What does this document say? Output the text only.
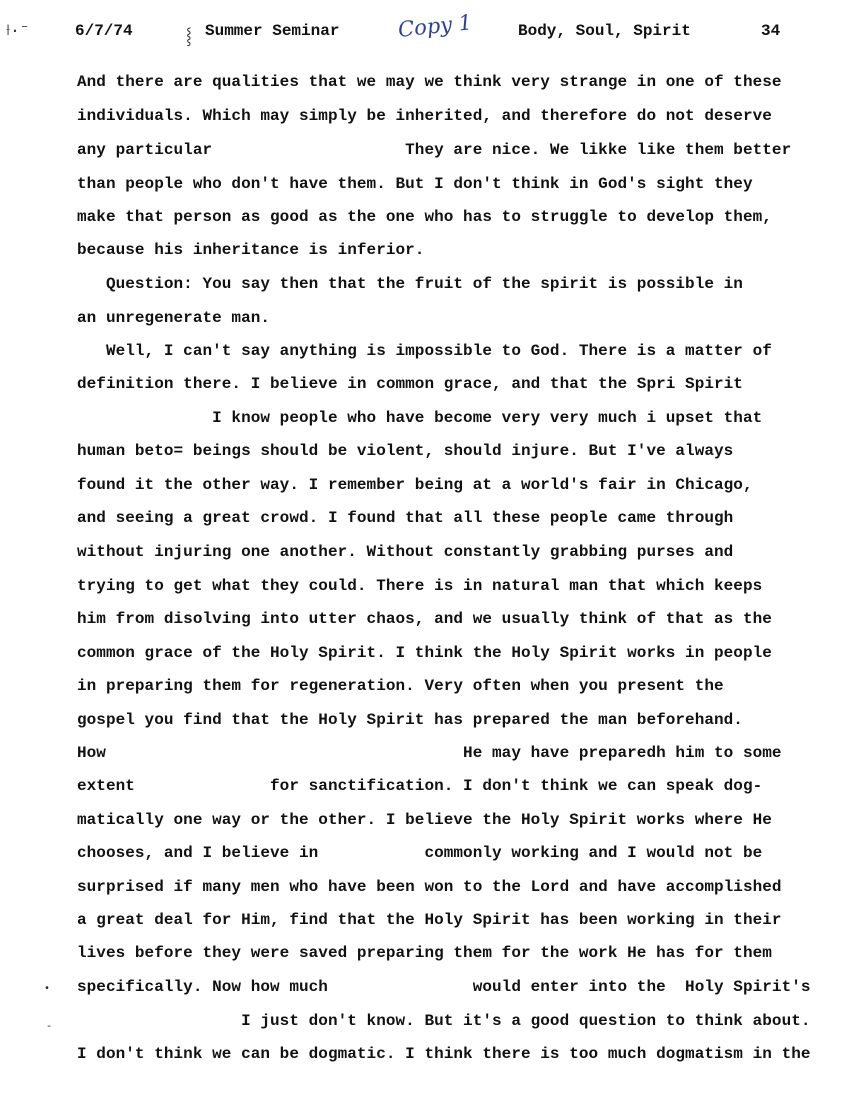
⟊·⁻	6/7/74	⸾ Summer Seminar	Copy 1	Body, Soul, Spirit	34
And there are qualities that we may we think very strange in one of these
individuals. Which may simply be inherited, and therefore do not deserve
any particular                    They are nice. We likke like them better
than people who don't have them. But I don't think in God's sight they
make that person as good as the one who has to struggle to develop them,
because his inheritance is inferior.
Question: You say then that the fruit of the spirit is possible in
an unregenerate man.
Well, I can't say anything is impossible to God. There is a matter of
definition there. I believe in common grace, and that the Spri Spirit
I know people who have become very very much i upset that
human beto= beings should be violent, should injure. But I've always
found it the other way. I remember being at a world's fair in Chicago,
and seeing a great crowd. I found that all these people came through
without injuring one another. Without constantly grabbing purses and
trying to get what they could. There is in natural man that which keeps
him from disolving into utter chaos, and we usually think of that as the
common grace of the Holy Spirit. I think the Holy Spirit works in people
in preparing them for regeneration. Very often when you present the
gospel you find that the Holy Spirit has prepared the man beforehand.
How                                     He may have preparedh him to some
extent              for sanctification. I don't think we can speak dog-
matically one way or the other. I believe the Holy Spirit works where He
chooses, and I believe in           commonly working and I would not be
surprised if many men who have been won to the Lord and have accomplished
a great deal for Him, find that the Holy Spirit has been working in their
lives before they were saved preparing them for the work He has for them
specifically. Now how much               would enter into the  Holy Spirit's
I just don't know. But it's a good question to think about.
I don't think we can be dogmatic. I think there is too much dogmatism in the
•
-
